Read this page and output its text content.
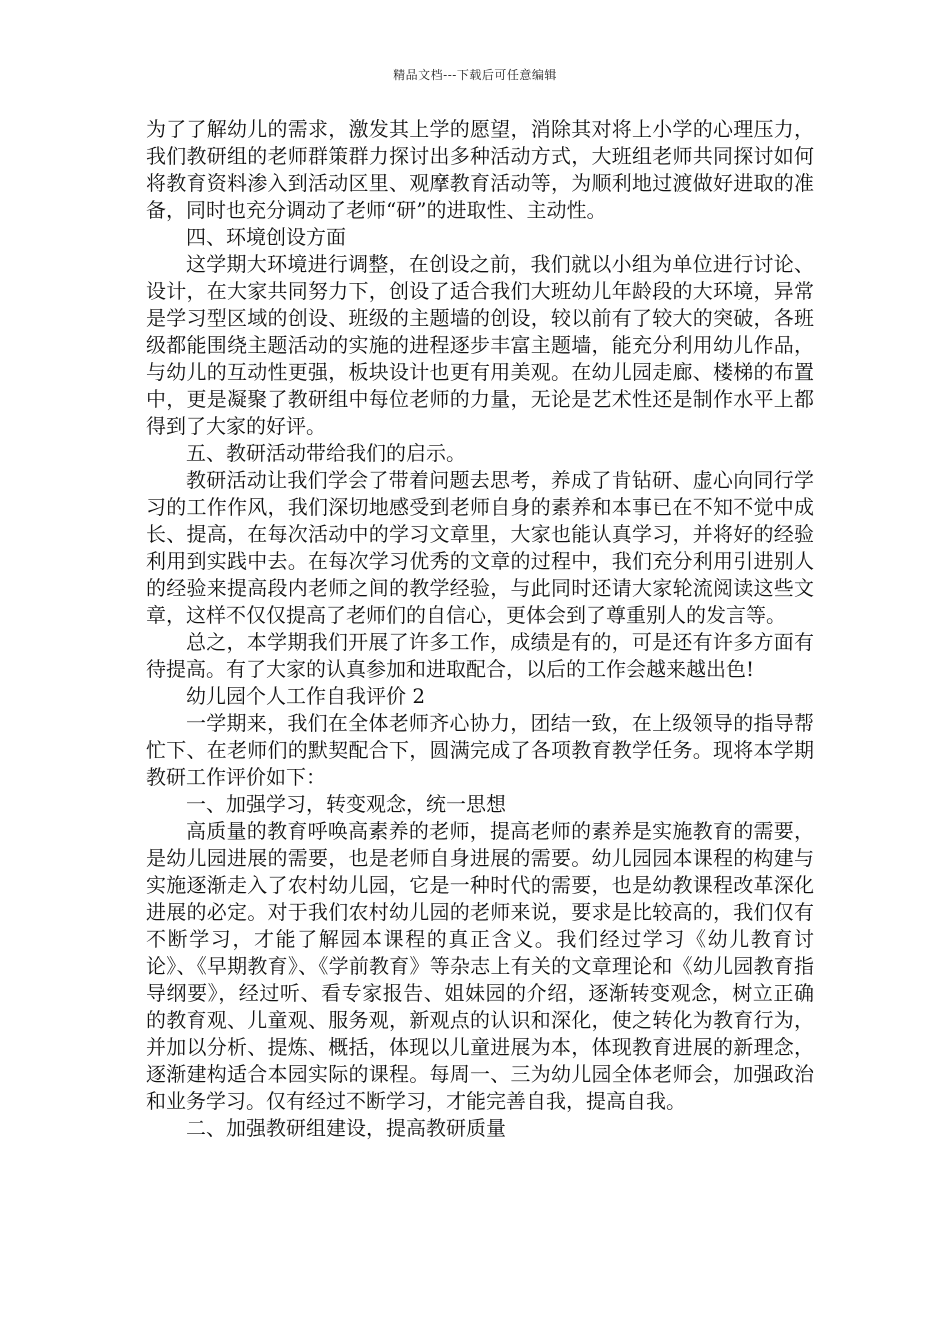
精品文档---下载后可任意编辑

为了了解幼儿的需求，激发其上学的愿望，消除其对将上小学的心理压力，我们教研组的老师群策群力探讨出多种活动方式，大班组老师共同探讨如何将教育资料渗入到活动区里、观摩教育活动等，为顺利地过渡做好进取的准备，同时也充分调动了老师“研”的进取性、主动性。

四、环境创设方面

这学期大环境进行调整，在创设之前，我们就以小组为单位进行讨论、设计，在大家共同努力下，创设了适合我们大班幼儿年龄段的大环境，异常是学习型区域的创设、班级的主题墙的创设，较以前有了较大的突破，各班级都能围绕主题活动的实施的进程逐步丰富主题墙，能充分利用幼儿作品，与幼儿的互动性更强，板块设计也更有用美观。在幼儿园走廊、楼梯的布置中，更是凝聚了教研组中每位老师的力量，无论是艺术性还是制作水平上都得到了大家的好评。

五、教研活动带给我们的启示。

教研活动让我们学会了带着问题去思考，养成了肯钻研、虚心向同行学习的工作作风，我们深切地感受到老师自身的素养和本事已在不知不觉中成长、提高，在每次活动中的学习文章里，大家也能认真学习，并将好的经验利用到实践中去。在每次学习优秀的文章的过程中，我们充分利用引进别人的经验来提高段内老师之间的教学经验，与此同时还请大家轮流阅读这些文章，这样不仅仅提高了老师们的自信心，更体会到了尊重别人的发言等。

总之，本学期我们开展了许多工作，成绩是有的，可是还有许多方面有待提高。有了大家的认真参加和进取配合，以后的工作会越来越出色!

幼儿园个人工作自我评价 2

一学期来，我们在全体老师齐心协力，团结一致，在上级领导的指导帮忙下、在老师们的默契配合下，圆满完成了各项教育教学任务。现将本学期教研工作评价如下：

一、加强学习，转变观念，统一思想

高质量的教育呼唤高素养的老师，提高老师的素养是实施教育的需要，是幼儿园进展的需要，也是老师自身进展的需要。幼儿园园本课程的构建与实施逐渐走入了农村幼儿园，它是一种时代的需要，也是幼教课程改革深化进展的必定。对于我们农村幼儿园的老师来说，要求是比较高的，我们仅有不断学习，才能了解园本课程的真正含义。我们经过学习《幼儿教育讨论》、《早期教育》、《学前教育》等杂志上有关的文章理论和《幼儿园教育指导纲要》，经过听、看专家报告、姐妹园的介绍，逐渐转变观念，树立正确的教育观、儿童观、服务观，新观点的认识和深化，使之转化为教育行为，并加以分析、提炼、概括，体现以儿童进展为本，体现教育进展的新理念，逐渐建构适合本园实际的课程。每周一、三为幼儿园全体老师会，加强政治和业务学习。仅有经过不断学习，才能完善自我，提高自我。

二、加强教研组建设，提高教研质量
